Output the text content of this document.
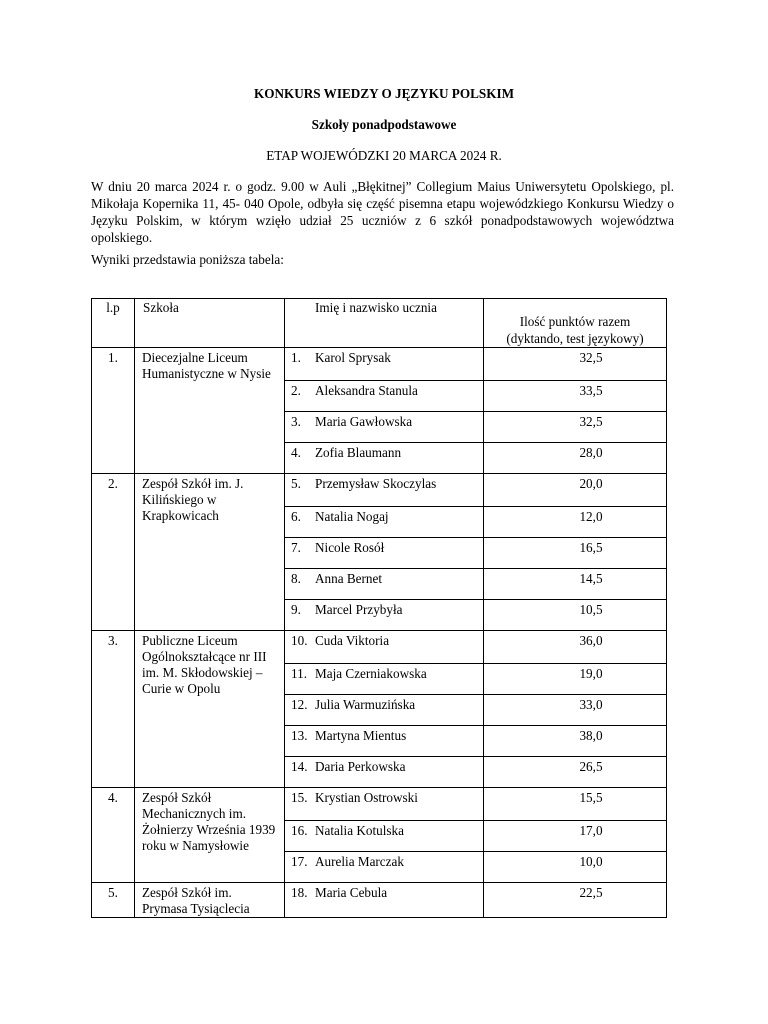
KONKURS WIEDZY O JĘZYKU POLSKIM
Szkoły ponadpodstawowe
ETAP WOJEWÓDZKI 20 MARCA 2024 R.
W dniu 20 marca 2024 r. o godz. 9.00 w Auli „Błękitnej” Collegium Maius Uniwersytetu Opolskiego, pl. Mikołaja Kopernika 11, 45- 040 Opole, odbyła się część pisemna etapu wojewódzkiego Konkursu Wiedzy o Języku Polskim, w którym wzięło udział 25 uczniów z 6 szkół ponadpodstawowych województwa opolskiego.
Wyniki przedstawia poniższa tabela:
l.p	Szkoła	Imię i nazwisko ucznia	Ilość punktów razem
(dyktando, test językowy)

1.	Diecezjalne Liceum Humanistyczne w Nysie	1. Karol Sprysak	32,5
		2. Aleksandra Stanula	33,5
		3. Maria Gawłowska	32,5
		4. Zofia Blaumann	28,0
2.	Zespół Szkół im. J. Kilińskiego w Krapkowicach	5. Przemysław Skoczylas	20,0
		6. Natalia Nogaj	12,0
		7. Nicole Rosół	16,5
		8. Anna Bernet	14,5
		9. Marcel Przybyła	10,5
3.	Publiczne Liceum Ogólnokształcące nr III im. M. Skłodowskiej – Curie w Opolu	10. Cuda Viktoria	36,0
		11. Maja Czerniakowska	19,0
		12. Julia Warmuzińska	33,0
		13. Martyna Mientus	38,0
		14. Daria Perkowska	26,5
4.	Zespół Szkół Mechanicznych im. Żołnierzy Września 1939 roku w Namysłowie	15. Krystian Ostrowski	15,5
		16. Natalia Kotulska	17,0
		17. Aurelia Marczak	10,0
5.	Zespół Szkół im. Prymasa Tysiąclecia	18. Maria Cebula	22,5
